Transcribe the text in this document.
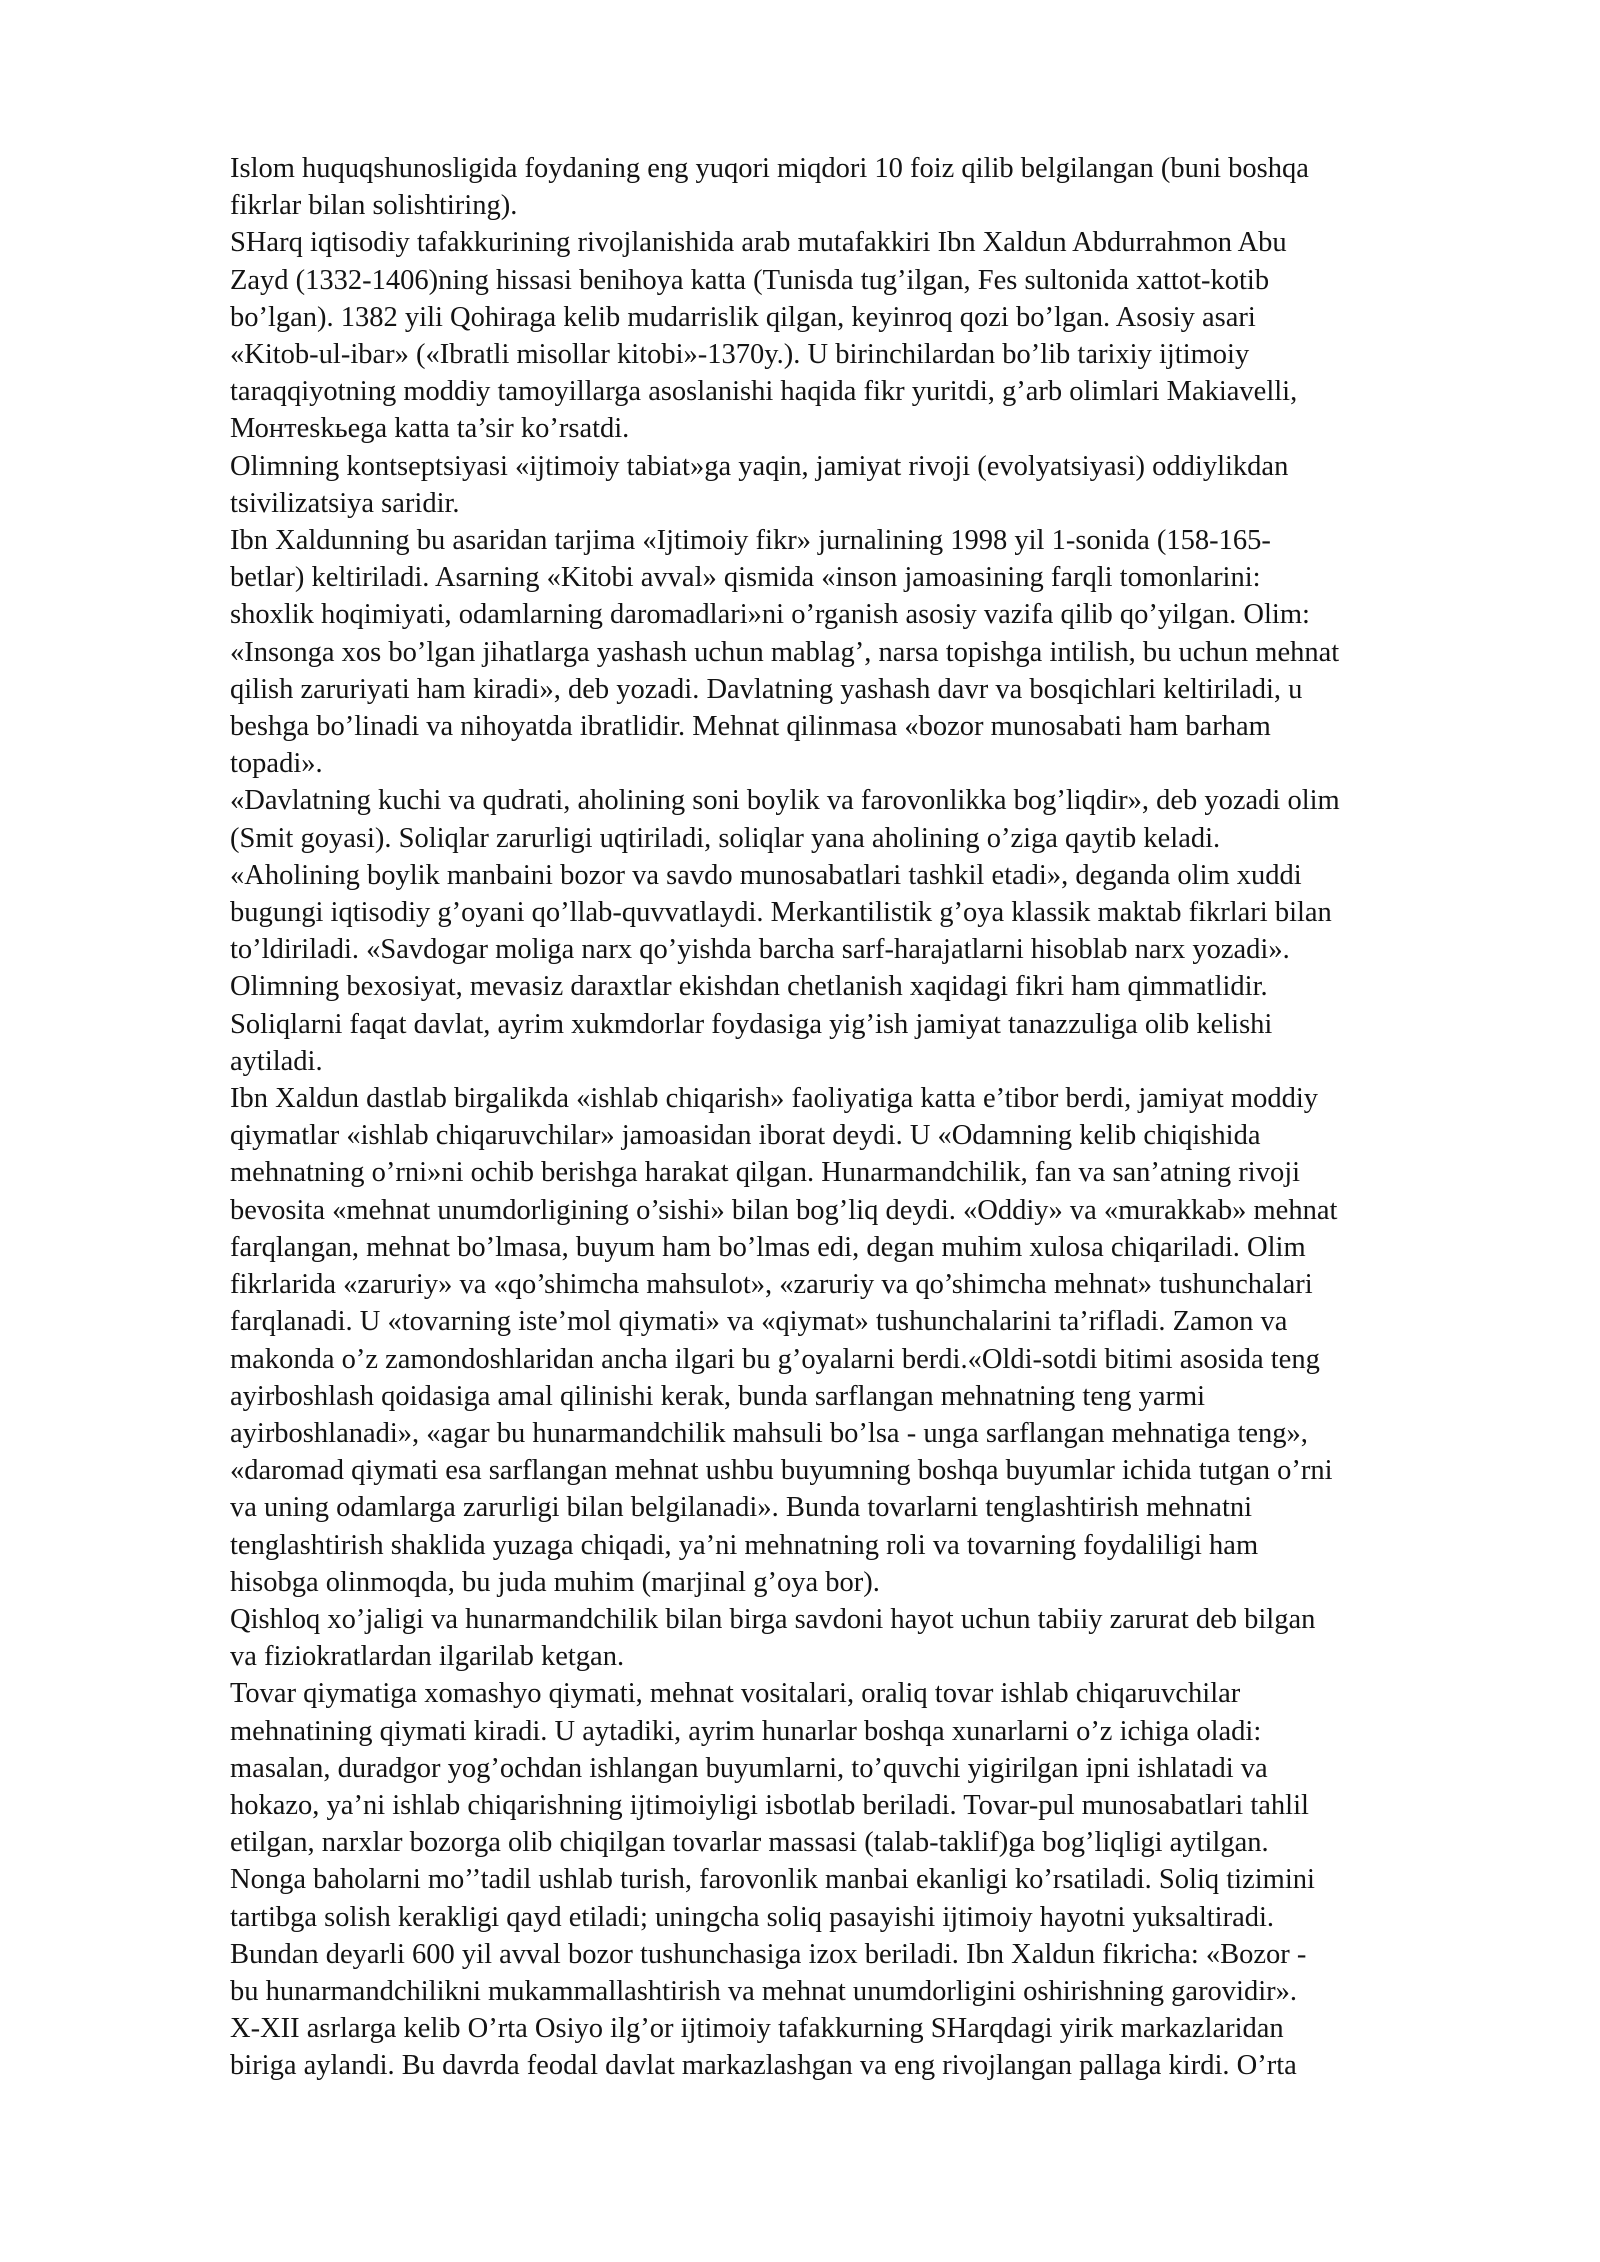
Islom huquqshunosligida foydaning eng yuqori miqdori 10 foiz qilib belgilangan (buni boshqa
fikrlar bilan solishtiring).

SHarq iqtisodiy tafakkurining rivojlanishida arab mutafakkiri Ibn Xaldun Abdurrahmon Abu
Zayd (1332-1406)ning hissasi benihoya katta (Tunisda tug’ilgan, Fes sultonida xattot-kotib
bo’lgan). 1382 yili Qohiraga kelib mudarrislik qilgan, keyinroq qozi bo’lgan. Asosiy asari
«Kitob-ul-ibar» («Ibratli misollar kitobi»-1370y.). U birinchilardan bo’lib tarixiy ijtimoiy
taraqqiyotning moddiy tamoyillarga asoslanishi haqida fikr yuritdi, g’arb olimlari Makiavelli,
Монтеskьega katta ta’sir ko’rsatdi.

Olimning kontseptsiyasi «ijtimoiy tabiat»ga yaqin, jamiyat rivoji (evolyatsiyasi) oddiylikdan
tsivilizatsiya saridir.

Ibn Xaldunning bu asaridan tarjima «Ijtimoiy fikr» jurnalining 1998 yil 1-sonida (158-165-
betlar) keltiriladi. Asarning «Kitobi avval» qismida «inson jamoasining farqli tomonlarini:
shoxlik hoqimiyati, odamlarning daromadlari»ni o’rganish asosiy vazifa qilib qo’yilgan. Olim:
«Insonga xos bo’lgan jihatlarga yashash uchun mablag’, narsa topishga intilish, bu uchun mehnat
qilish zaruriyati ham kiradi», deb yozadi. Davlatning yashash davr va bosqichlari keltiriladi, u
beshga bo’linadi va nihoyatda ibratlidir. Mehnat qilinmasa «bozor munosabati ham barham
topadi».

«Davlatning kuchi va qudrati, aholining soni boylik va farovonlikka bog’liqdir», deb yozadi olim
(Smit goyasi). Soliqlar zarurligi uqtiriladi, soliqlar yana aholining o’ziga qaytib keladi.
«Aholining boylik manbaini bozor va savdo munosabatlari tashkil etadi», deganda olim xuddi
bugungi iqtisodiy g’oyani qo’llab-quvvatlaydi. Merkantilistik g’oya klassik maktab fikrlari bilan
to’ldiriladi. «Savdogar moliga narx qo’yishda barcha sarf-harajatlarni hisoblab narx yozadi».
Olimning bexosiyat, mevasiz daraxtlar ekishdan chetlanish xaqidagi fikri ham qimmatlidir.
Soliqlarni faqat davlat, ayrim xukmdorlar foydasiga yig’ish jamiyat tanazzuliga olib kelishi
aytiladi.

Ibn Xaldun dastlab birgalikda «ishlab chiqarish» faoliyatiga katta e’tibor berdi, jamiyat moddiy
qiymatlar «ishlab chiqaruvchilar» jamoasidan iborat deydi. U «Odamning kelib chiqishida
mehnatning o’rni»ni ochib berishga harakat qilgan. Hunarmandchilik, fan va san’atning rivoji
bevosita «mehnat unumdorligining o’sishi» bilan bog’liq deydi. «Oddiy» va «murakkab» mehnat
farqlangan, mehnat bo’lmasa, buyum ham bo’lmas edi, degan muhim xulosa chiqariladi. Olim
fikrlarida «zaruriy» va «qo’shimcha mahsulot», «zaruriy va qo’shimcha mehnat» tushunchalari
farqlanadi. U «tovarning iste’mol qiymati» va «qiymat» tushunchalarini ta’rifladi. Zamon va
makonda o’z zamondoshlaridan ancha ilgari bu g’oyalarni berdi.«Oldi-sotdi bitimi asosida teng
ayirboshlash qoidasiga amal qilinishi kerak, bunda sarflangan mehnatning teng yarmi
ayirboshlanadi», «agar bu hunarmandchilik mahsuli bo’lsa - unga sarflangan mehnatiga teng»,
«daromad qiymati esa sarflangan mehnat ushbu buyumning boshqa buyumlar ichida tutgan o’rni
va uning odamlarga zarurligi bilan belgilanadi». Bunda tovarlarni tenglashtirish mehnatni
tenglashtirish shaklida yuzaga chiqadi, ya’ni mehnatning roli va tovarning foydaliligi ham
hisobga olinmoqda, bu juda muhim (marjinal g’oya bor).

Qishloq xo’jaligi va hunarmandchilik bilan birga savdoni hayot uchun tabiiy zarurat deb bilgan
va fiziokratlardan ilgarilab ketgan.

Tovar qiymatiga xomashyo qiymati, mehnat vositalari, oraliq tovar ishlab chiqaruvchilar
mehnatining qiymati kiradi. U aytadiki, ayrim hunarlar boshqa xunarlarni o’z ichiga oladi:
masalan, duradgor yog’ochdan ishlangan buyumlarni, to’quvchi yigirilgan ipni ishlatadi va
hokazo, ya’ni ishlab chiqarishning ijtimoiyligi isbotlab beriladi. Tovar-pul munosabatlari tahlil
etilgan, narxlar bozorga olib chiqilgan tovarlar massasi (talab-taklif)ga bog’liqligi aytilgan.
Nonga baholarni mo’’tadil ushlab turish, farovonlik manbai ekanligi ko’rsatiladi. Soliq tizimini
tartibga solish kerakligi qayd etiladi; uningcha soliq pasayishi ijtimoiy hayotni yuksaltiradi.
Bundan deyarli 600 yil avval bozor tushunchasiga izox beriladi. Ibn Xaldun fikricha: «Bozor -
bu hunarmandchilikni mukammallashtirish va mehnat unumdorligini oshirishning garovidir».

X-XII asrlarga kelib O’rta Osiyo ilg’or ijtimoiy tafakkurning SHarqdagi yirik markazlaridan
biriga aylandi. Bu davrda feodal davlat markazlashgan va eng rivojlangan pallaga kirdi. O’rta
